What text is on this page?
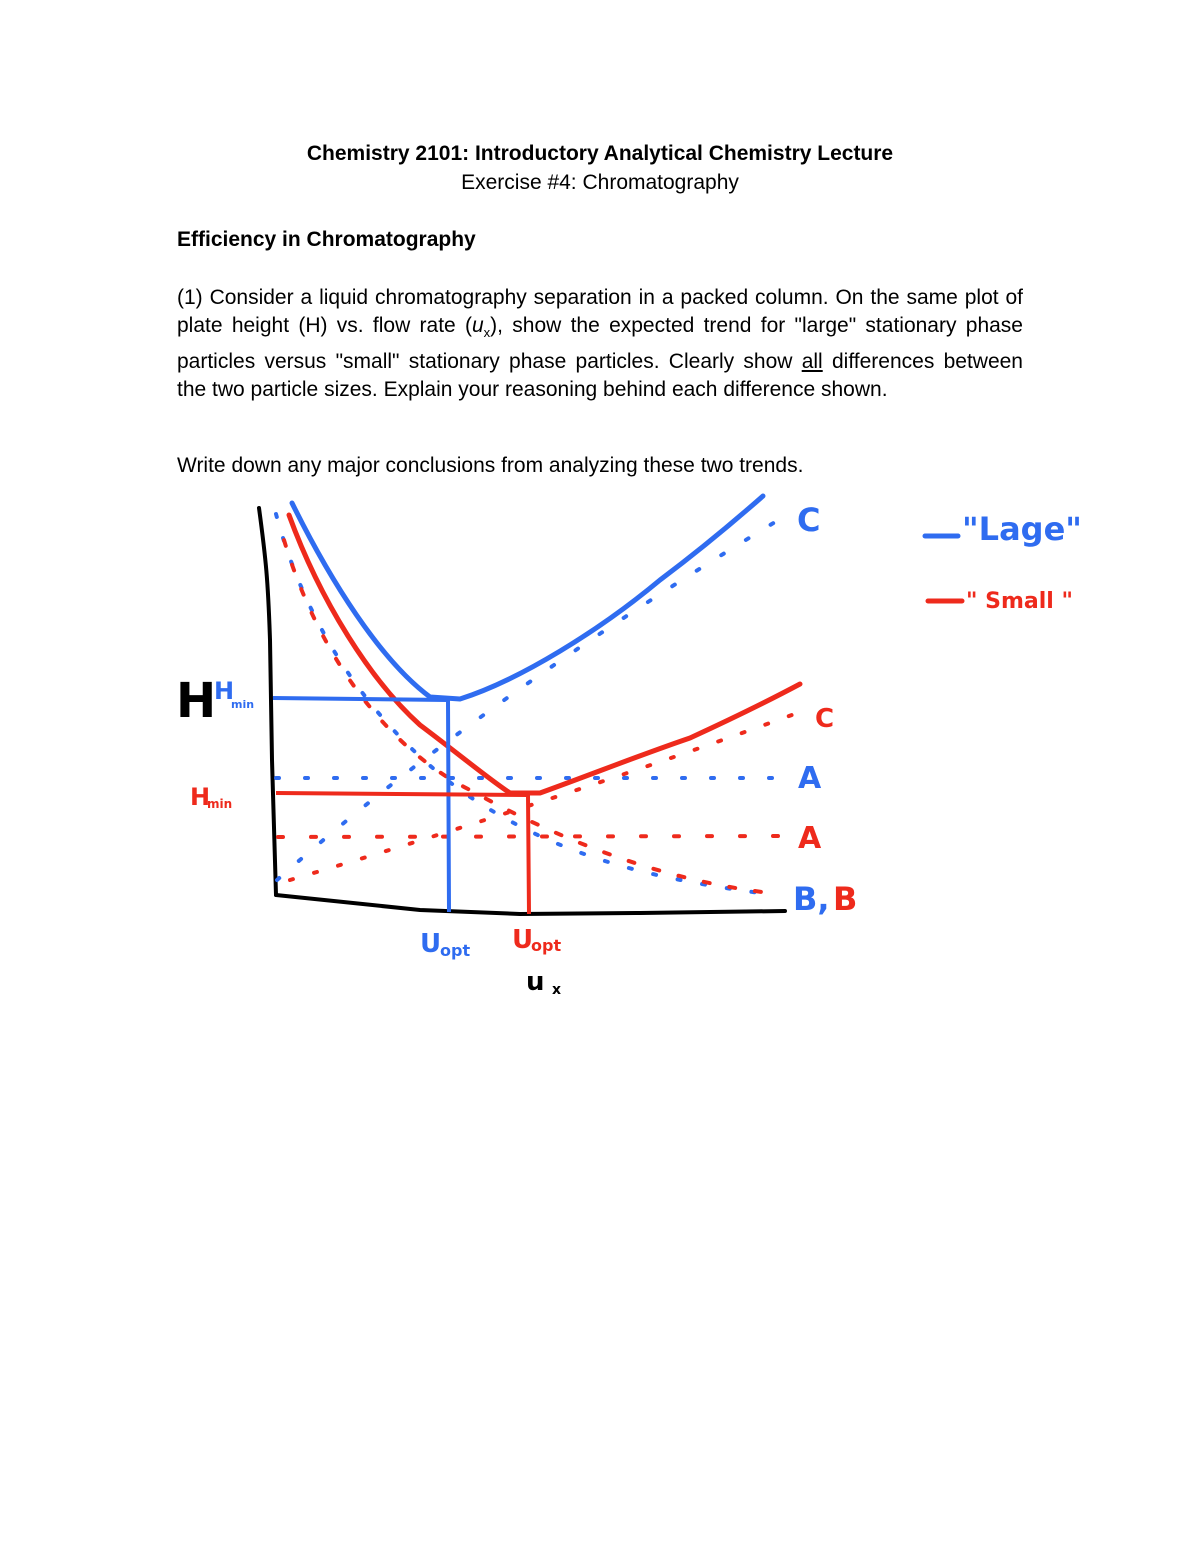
Chemistry 2101: Introductory Analytical Chemistry Lecture
Exercise #4: Chromatography
Efficiency in Chromatography
(1) Consider a liquid chromatography separation in a packed column. On the same plot of plate height (H) vs. flow rate $(u_x)$, show the expected trend for "large" stationary phase particles versus "small" stationary phase particles. Clearly show all differences between the two particle sizes. Explain your reasoning behind each difference shown.
Write down any major conclusions from analyzing these two trends.
H
u x
H
min
H
min
U
opt U
opt
C
C
A
A
B, B
"Lage"
" Small "
